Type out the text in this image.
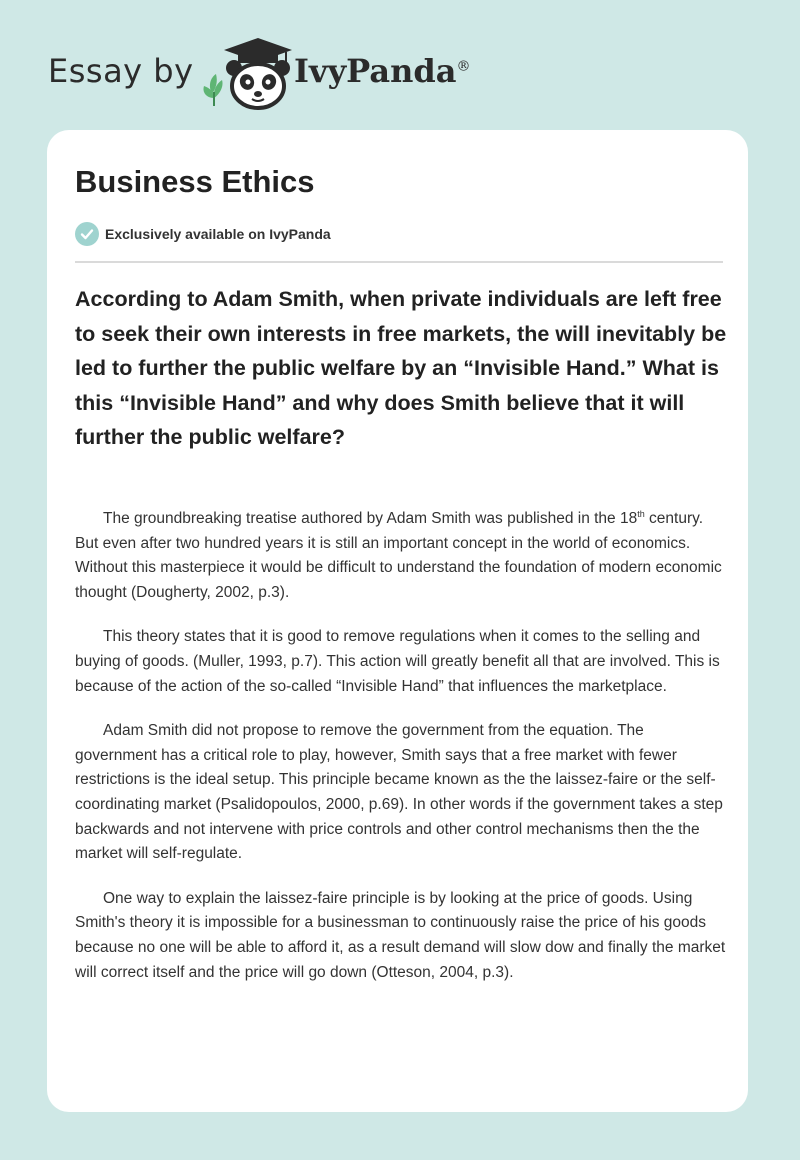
Essay by	IvyPanda®
Business Ethics
Exclusively available on IvyPanda
According to Adam Smith, when private individuals are left free to seek their own interests in free markets, the will inevitably be led to further the public welfare by an “Invisible Hand.” What is this “Invisible Hand” and why does Smith believe that it will further the public welfare?

The groundbreaking treatise authored by Adam Smith was published in the 18th century. But even after two hundred years it is still an important concept in the world of economics. Without this masterpiece it would be difficult to understand the foundation of modern economic thought (Dougherty, 2002, p.3).

This theory states that it is good to remove regulations when it comes to the selling and buying of goods. (Muller, 1993, p.7). This action will greatly benefit all that are involved. This is because of the action of the so-called “Invisible Hand” that influences the marketplace.

Adam Smith did not propose to remove the government from the equation. The government has a critical role to play, however, Smith says that a free market with fewer restrictions is the ideal setup. This principle became known as the the laissez-faire or the self-coordinating market (Psalidopoulos, 2000, p.69). In other words if the government takes a step backwards and not intervene with price controls and other control mechanisms then the the market will self-regulate.

One way to explain the laissez-faire principle is by looking at the price of goods. Using Smith's theory it is impossible for a businessman to continuously raise the price of his goods because no one will be able to afford it, as a result demand will slow dow and finally the market will correct itself and the price will go down (Otteson, 2004, p.3).
